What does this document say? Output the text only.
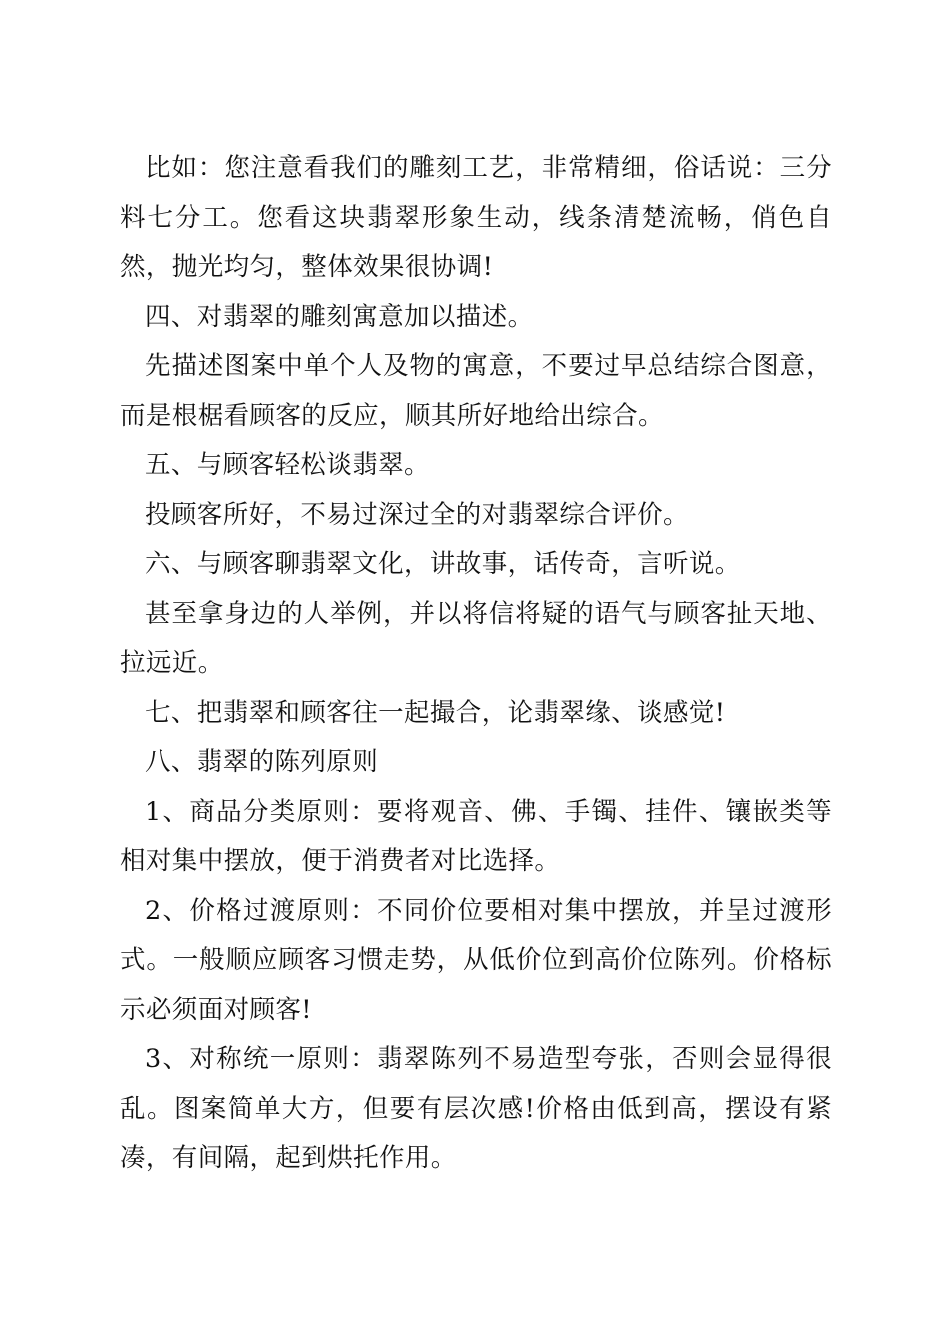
比如：您注意看我们的雕刻工艺，非常精细，俗话说：三分料七分工。您看这块翡翠形象生动，线条清楚流畅，俏色自然，抛光均匀，整体效果很协调!

四、对翡翠的雕刻寓意加以描述。

先描述图案中单个人及物的寓意，不要过早总结综合图意，而是根椐看顾客的反应，顺其所好地给出综合。

五、与顾客轻松谈翡翠。

投顾客所好，不易过深过全的对翡翠综合评价。

六、与顾客聊翡翠文化，讲故事，话传奇，言听说。

甚至拿身边的人举例，并以将信将疑的语气与顾客扯天地、拉远近。

七、把翡翠和顾客往一起撮合，论翡翠缘、谈感觉!

八、翡翠的陈列原则

1、商品分类原则：要将观音、佛、手镯、挂件、镶嵌类等相对集中摆放，便于消费者对比选择。

2、价格过渡原则：不同价位要相对集中摆放，并呈过渡形式。一般顺应顾客习惯走势，从低价位到高价位陈列。价格标示必须面对顾客!

3、对称统一原则：翡翠陈列不易造型夸张，否则会显得很乱。图案简单大方，但要有层次感!价格由低到高，摆设有紧凑，有间隔，起到烘托作用。
